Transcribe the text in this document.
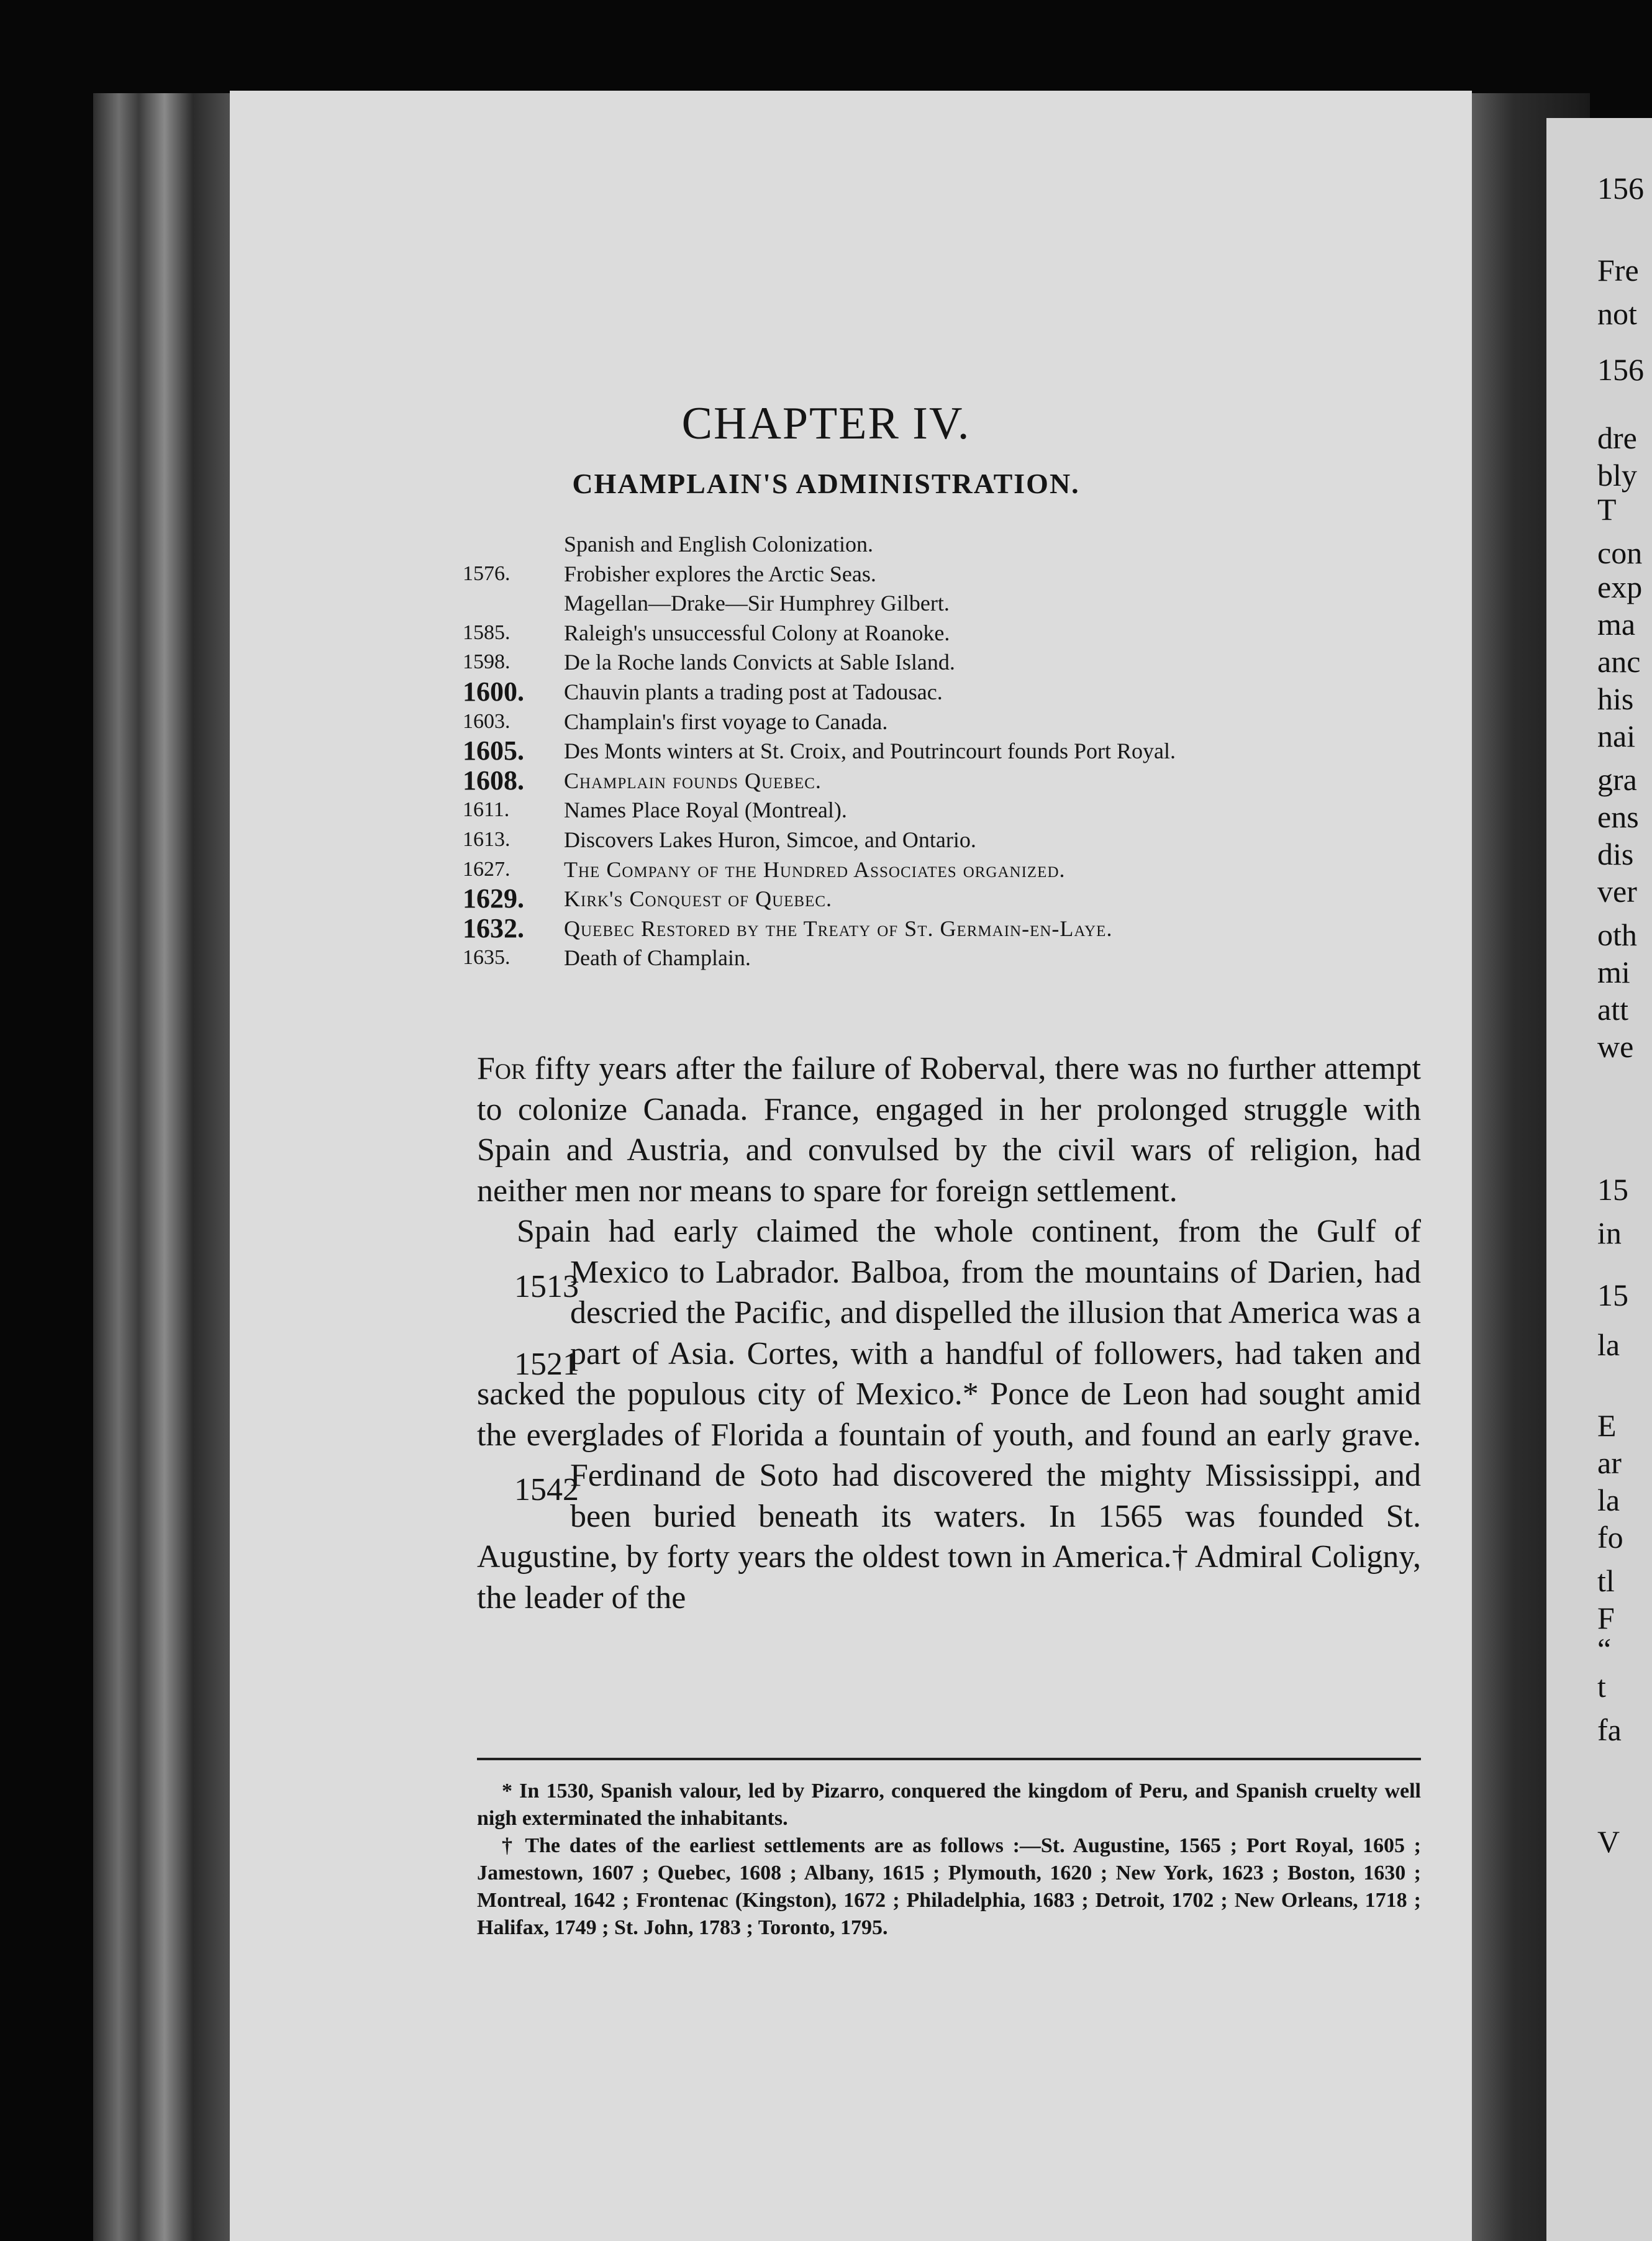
156
Fre
not
156
dre
bly
T
con
exp
ma
anc
his
nai
gra
ens
dis
ver
oth
mi
att
we
15
in
15
la
E
ar
la
fo
tl
F
“
t
fa
V
CHAPTER IV.
CHAMPLAIN'S ADMINISTRATION.
Spanish and English Colonization.
1576. Frobisher explores the Arctic Seas.
Magellan—Drake—Sir Humphrey Gilbert.
1585. Raleigh's unsuccessful Colony at Roanoke.
1598. De la Roche lands Convicts at Sable Island.
1600. Chauvin plants a trading post at Tadousac.
1603. Champlain's first voyage to Canada.
1605. Des Monts winters at St. Croix, and Poutrincourt founds Port Royal.
1608. Champlain founds Quebec.
1611. Names Place Royal (Montreal).
1613. Discovers Lakes Huron, Simcoe, and Ontario.
1627. The Company of the Hundred Associates organized.
1629. Kirk's Conquest of Quebec.
1632. Quebec Restored by the Treaty of St. Germain-en-Laye.
1635. Death of Champlain.

For fifty years after the failure of Roberval, there was no further attempt to colonize Canada. France, engaged in her prolonged struggle with Spain and Austria, and convulsed by the civil wars of religion, had neither men nor means to spare for foreign settlement.

Spain had early claimed the whole continent, from the Gulf of Mexico to Labrador. Balboa, from the moun
1513
1521
tains of Darien, had descried the Pacific, and dispelled the illusion that America was a part of Asia. Cortes, with a handful of followers, had taken and sacked the populous city of Mexico.* Ponce de Leon had sought amid the everglades of Florida a fountain of youth, and found an early grave. Ferdi
1542 nand de Soto had discovered the mighty Mississippi, and been buried beneath its waters. In 1565 was founded St. Augustine, by forty years the oldest town in America.† Admiral Coligny, the leader of the

* In 1530, Spanish valour, led by Pizarro, conquered the kingdom of Peru, and Spanish cruelty well nigh exterminated the inhabitants.

† The dates of the earliest settlements are as follows :—St. Augustine, 1565 ; Port Royal, 1605 ; Jamestown, 1607 ; Quebec, 1608 ; Albany, 1615 ; Plymouth, 1620 ; New York, 1623 ; Boston, 1630 ; Montreal, 1642 ; Frontenac (Kingston), 1672 ; Philadelphia, 1683 ; Detroit, 1702 ; New Orleans, 1718 ; Halifax, 1749 ; St. John, 1783 ; Toronto, 1795.
